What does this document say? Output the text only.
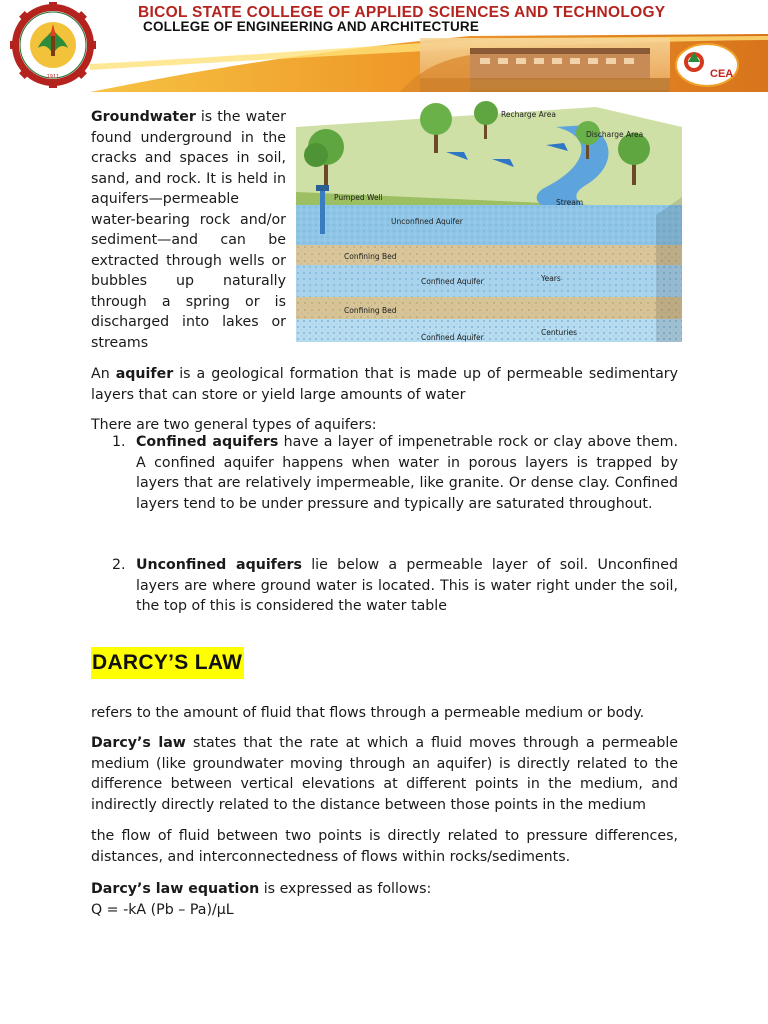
1911
BICOL STATE COLLEGE OF APPLIED SCIENCES AND TECHNOLOGY
COLLEGE OF ENGINEERING AND ARCHITECTURE
CEA

Groundwater is the water found underground in the cracks and spaces in soil, sand, and rock. It is held in aquifers—permeable water-bearing rock and/or sediment—and can be extracted through wells or bubbles up naturally through a spring or is discharged into lakes or streams

Recharge Area
Discharge Area
Pumped Well
Stream
Unconfined Aquifer
Confining Bed
Confined Aquifer	Years
Confining Bed
Centuries
Confined Aquifer

An aquifer is a geological formation that is made up of permeable sedimentary layers that can store or yield large amounts of water

There are two general types of aquifers:

1. Confined aquifers have a layer of impenetrable rock or clay above them. A confined aquifer happens when water in porous layers is trapped by layers that are relatively impermeable, like granite. Or dense clay. Confined layers tend to be under pressure and typically are saturated throughout.
2. Unconfined aquifers lie below a permeable layer of soil. Unconfined layers are where ground water is located. This is water right under the soil, the top of this is considered the water table
DARCY’S LAW

refers to the amount of fluid that flows through a permeable medium or body.

Darcy’s law states that the rate at which a fluid moves through a permeable medium (like groundwater moving through an aquifer) is directly related to the difference between vertical elevations at different points in the medium, and indirectly directly related to the distance between those points in the medium

the flow of fluid between two points is directly related to pressure differences, distances, and interconnectedness of flows within rocks/sediments.

Darcy’s law equation is expressed as follows:
Q = -kA (Pb – Pa)/μL
